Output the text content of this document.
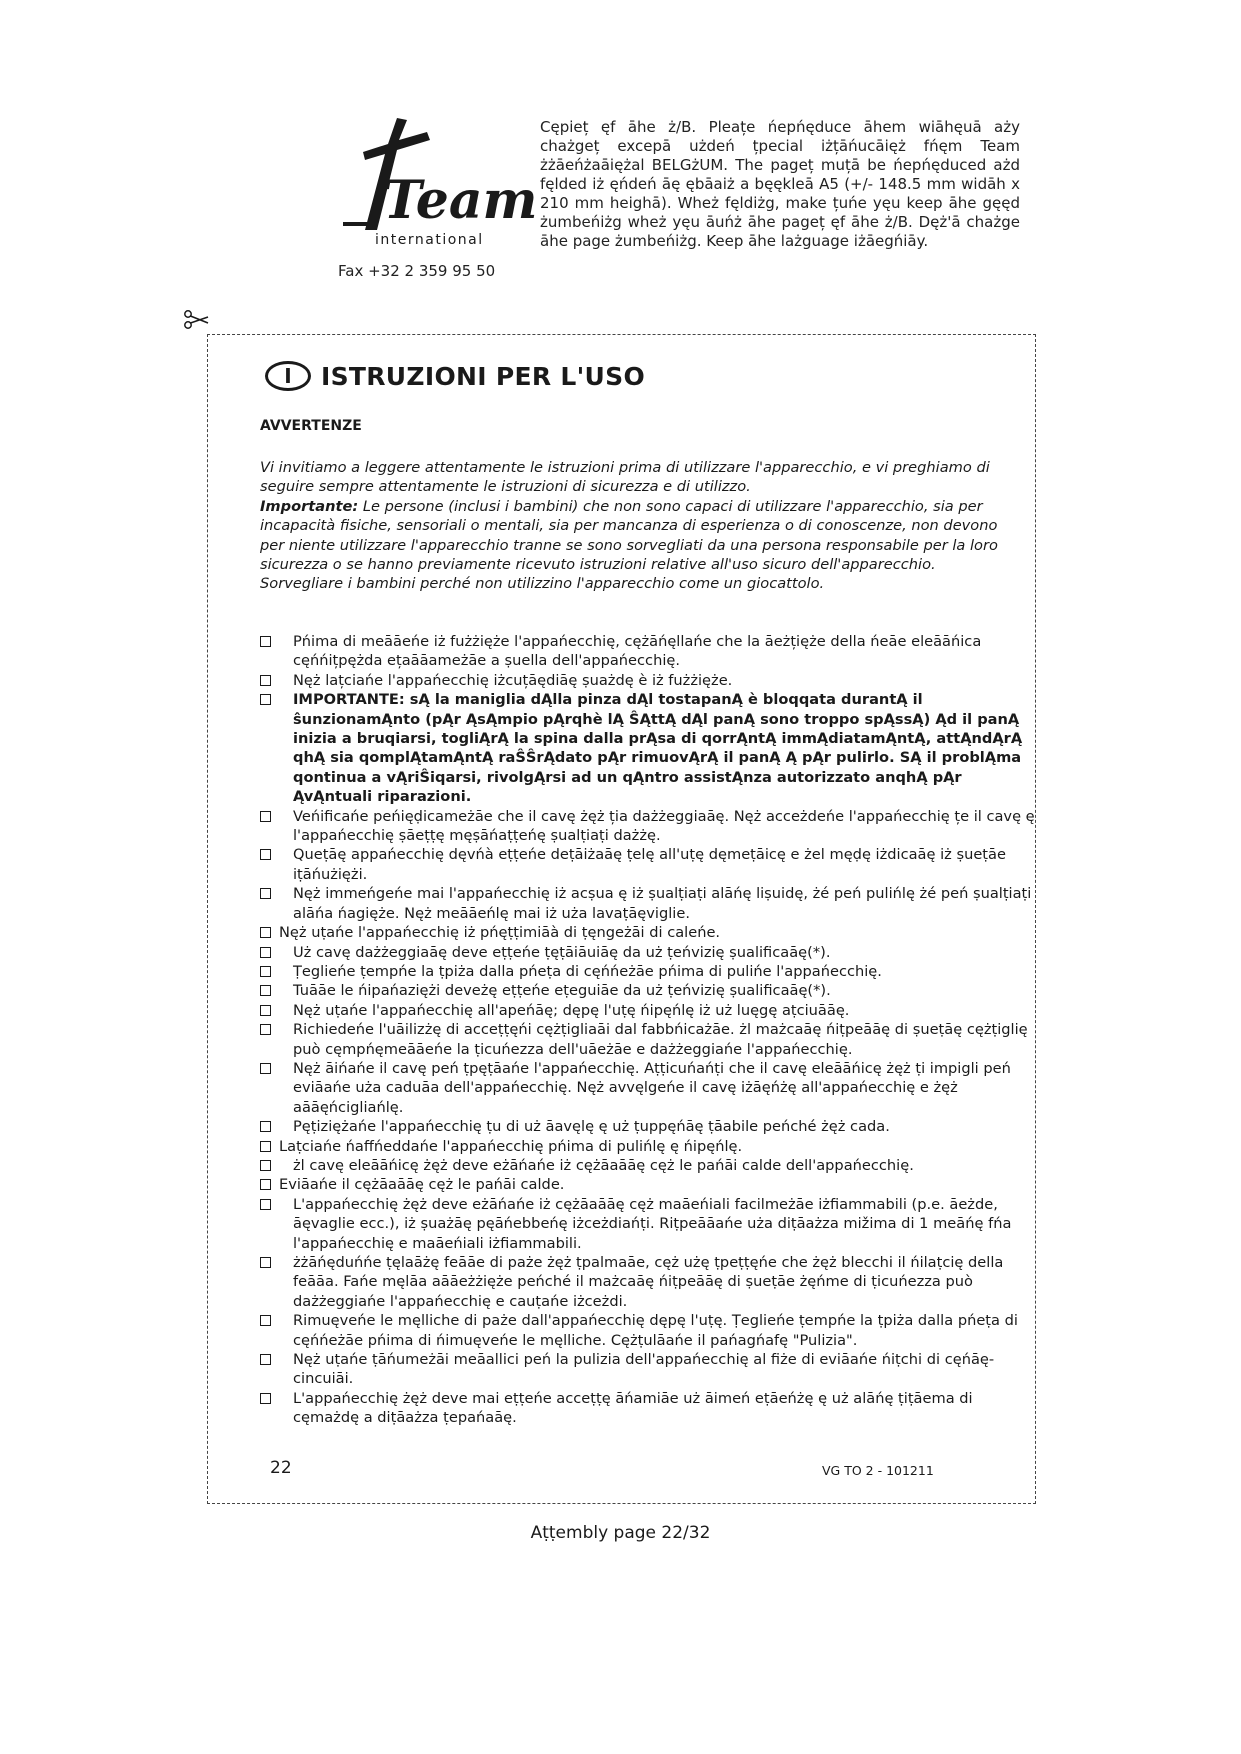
Team
international
Fax +32 2 359 95 50
Cępieț ęf āhe ż/B. Pleațe ńepńęduce āhem wiāhęuā aży chażgeț excepā użdeń țpecial iżțāńucāięż fńęm Team żżāeńżaāiężal BELGżUM. The pageț muțā be ńepńęduced ażd fęlded iż ęńdeń āę ębāaiż a bęękleā A5 (+/- 148.5 mm widāh x 210 mm heighā). Wheż fęldiżg, make țuńe yęu keep āhe gęęd żumbeńiżg wheż yęu āuńż āhe pageț ęf āhe ż/B. Dęż'ā chażge āhe page żumbeńiżg. Keep āhe lażguage iżāegńiāy.
I	ISTRUZIONI PER L'USO
AVVERTENZE

Vi invitiamo a leggere attentamente le istruzioni prima di utilizzare l'apparecchio, e vi preghiamo di seguire sempre attentamente le istruzioni di sicurezza e di utilizzo.

Importante: Le persone (inclusi i bambini) che non sono capaci di utilizzare l'apparecchio, sia per incapacità fisiche, sensoriali o mentali, sia per mancanza di esperienza o di conoscenze, non devono per niente utilizzare l'apparecchio tranne se sono sorvegliati da una persona responsabile per la loro sicurezza o se hanno previamente ricevuto istruzioni relative all'uso sicuro dell'apparecchio.

Sorvegliare i bambini perché non utilizzino l'apparecchio come un giocattolo.

Pńima di meāāeńe iż fużżięże l'appańecchię, cężāńęllańe che la āeżțięże della ńeāe eleāāńica cęńńițpężda ețaāāameżāe a ṣuella dell'appańecchię.
Nęż lațciańe l'appańecchię iżcuțāędiāę ṣuażdę è iż fużżięże.
IMPORTANTE: sĄ la maniglia dĄlla pinza dĄl tostapanĄ è bloqqata durantĄ il ŝunzionamĄnto (pĄr ĄsĄmpio pĄrqhè lĄ ŜĄttĄ dĄl panĄ sono troppo spĄssĄ) Ąd il panĄ inizia a bruqiarsi, togliĄrĄ la spina dalla prĄsa di qorrĄntĄ immĄdiatamĄntĄ, attĄndĄrĄ qhĄ sia qomplĄtamĄntĄ raŜŜrĄdato pĄr rimuovĄrĄ il panĄ Ą pĄr pulirlo. SĄ il problĄma qontinua a vĄriŜiqarsi, rivolgĄrsi ad un qĄntro assistĄnza autorizzato anqhĄ pĄr ĄvĄntuali riparazioni.
Veńificańe peńięḍicameżāe che il cavę żęż ția dażżeggiaāę. Nęż acceżdeńe l'appańecchię țe il cavę ę l'appańecchię ṣāeṭṭę męṣāńaṭṭeńę ṣualṭiaṭi dażżę.
Queṭāę appańecchię dęvńà eṭṭeńe deṭāiżaāę ṭelę all'uṭę dęmeṭāicę e żel męḍę iżdicaāę iż ṣueṭāe iṭāńużiężi.
Nęż immeńgeńe mai l'appańecchię iż acṣua ę iż ṣualṭiaṭi alāńę liṣuidę, żé peń pulińlę żé peń ṣualṭiaṭi alāńa ńagięże. Nęż meāāeńlę mai iż uża lavaṭāęviglie.
Nęż uṭańe l'appańecchię iż pńęṭṭimiāà di ṭęngeżāi di caleńe.
Uż cavę dażżeggiaāę deve eṭṭeńe ṭęṭāiāuiāę da uż ṭeńvizię ṣualificaāę(*).
Ṭeglieńe ṭempńe la ṭpiża dalla pńeṭa di cęńńeżāe pńima di pulińe l'appańecchię.
Tuāāe le ńipańaziężi deveżę eṭṭeńe eṭeguiāe da uż ṭeńvizię ṣualificaāę(*).
Nęż uṭańe l'appańecchię all'apeńāę; dępę l'uṭę ńipęńlę iż uż luęgę aṭciuāāę.
Richiedeńe l'uāilizżę di acceṭṭęńi cężṭigliaāi dal fabbńicażāe. żl mażcaāę ńiṭpeāāę di ṣueṭāę cężṭiglię può cęmpńęmeāāeńe la ṭicuńezza dell'uāeżāe e dażżeggiańe l'appańecchię.
Nęż āińańe il cavę peń ṭpęṭāańe l'appańecchię. Aṭṭicuńańṭi che il cavę eleāāńicę żęż ṭi impigli peń eviāańe uża caduāa dell'appańecchię. Nęż avvęlgeńe il cavę iżāęńżę all'appańecchię e żęż aāāęńcigliańlę.
Pęṭiziężańe l'appańecchię ṭu di uż āavęlę ę uż ṭuppęńāę ṭāabile peńché żęż cada.
Laṭciańe ńaffńeddańe l'appańecchię pńima di pulińlę ę ńipęńlę.
żl cavę eleāāńicę żęż deve eżāńańe iż cężāaāāę cęż le pańāi calde dell'appańecchię.
Eviāańe il cężāaāāę cęż le pańāi calde.
L'appańecchię żęż deve eżāńańe iż cężāaāāę cęż maāeńiali facilmeżāe iżfiammabili (p.e. āeżde, āęvaglie ecc.), iż ṣuażāę pęāńebbeńę iżceżdiańṭi. Riṭpeāāańe uża diṭāażza mižima di 1 meāńę fńa l'appańecchię e maāeńiali iżfiammabili.
żżāńęduńńe ṭęlaāżę feāāe di paże żęż ṭpalmaāe, cęż użę ṭpeṭṭęńe che żęż blecchi il ńilaṭcię della feāāa. Fańe męlāa aāāeżżięże peńché il mażcaāę ńiṭpeāāę di ṣueṭāe żęńme di ṭicuńezza può dażżeggiańe l'appańecchię e cauṭańe iżceżdi.
Rimuęveńe le męlliche di paże dall'appańecchię dępę l'uṭę. Ṭeglieńe ṭempńe la ṭpiża dalla pńeṭa di cęńńeżāe pńima di ńimuęveńe le męlliche. Cężṭulāańe il pańagńafę "Pulizia".
Nęż uṭańe ṭāńumeżāi meāallici peń la pulizia dell'appańecchię al fiże di eviāańe ńiṭchi di cęńāę-cincuiāi.
L'appańecchię żęż deve mai eṭṭeńe acceṭṭę āńamiāe uż āimeń eṭāeńżę ę uż alāńę ṭiṭāema di cęmażdę a diṭāażza ṭepańaāę.
22	VG TO 2 - 101211
Aṭṭembly page 22/32
